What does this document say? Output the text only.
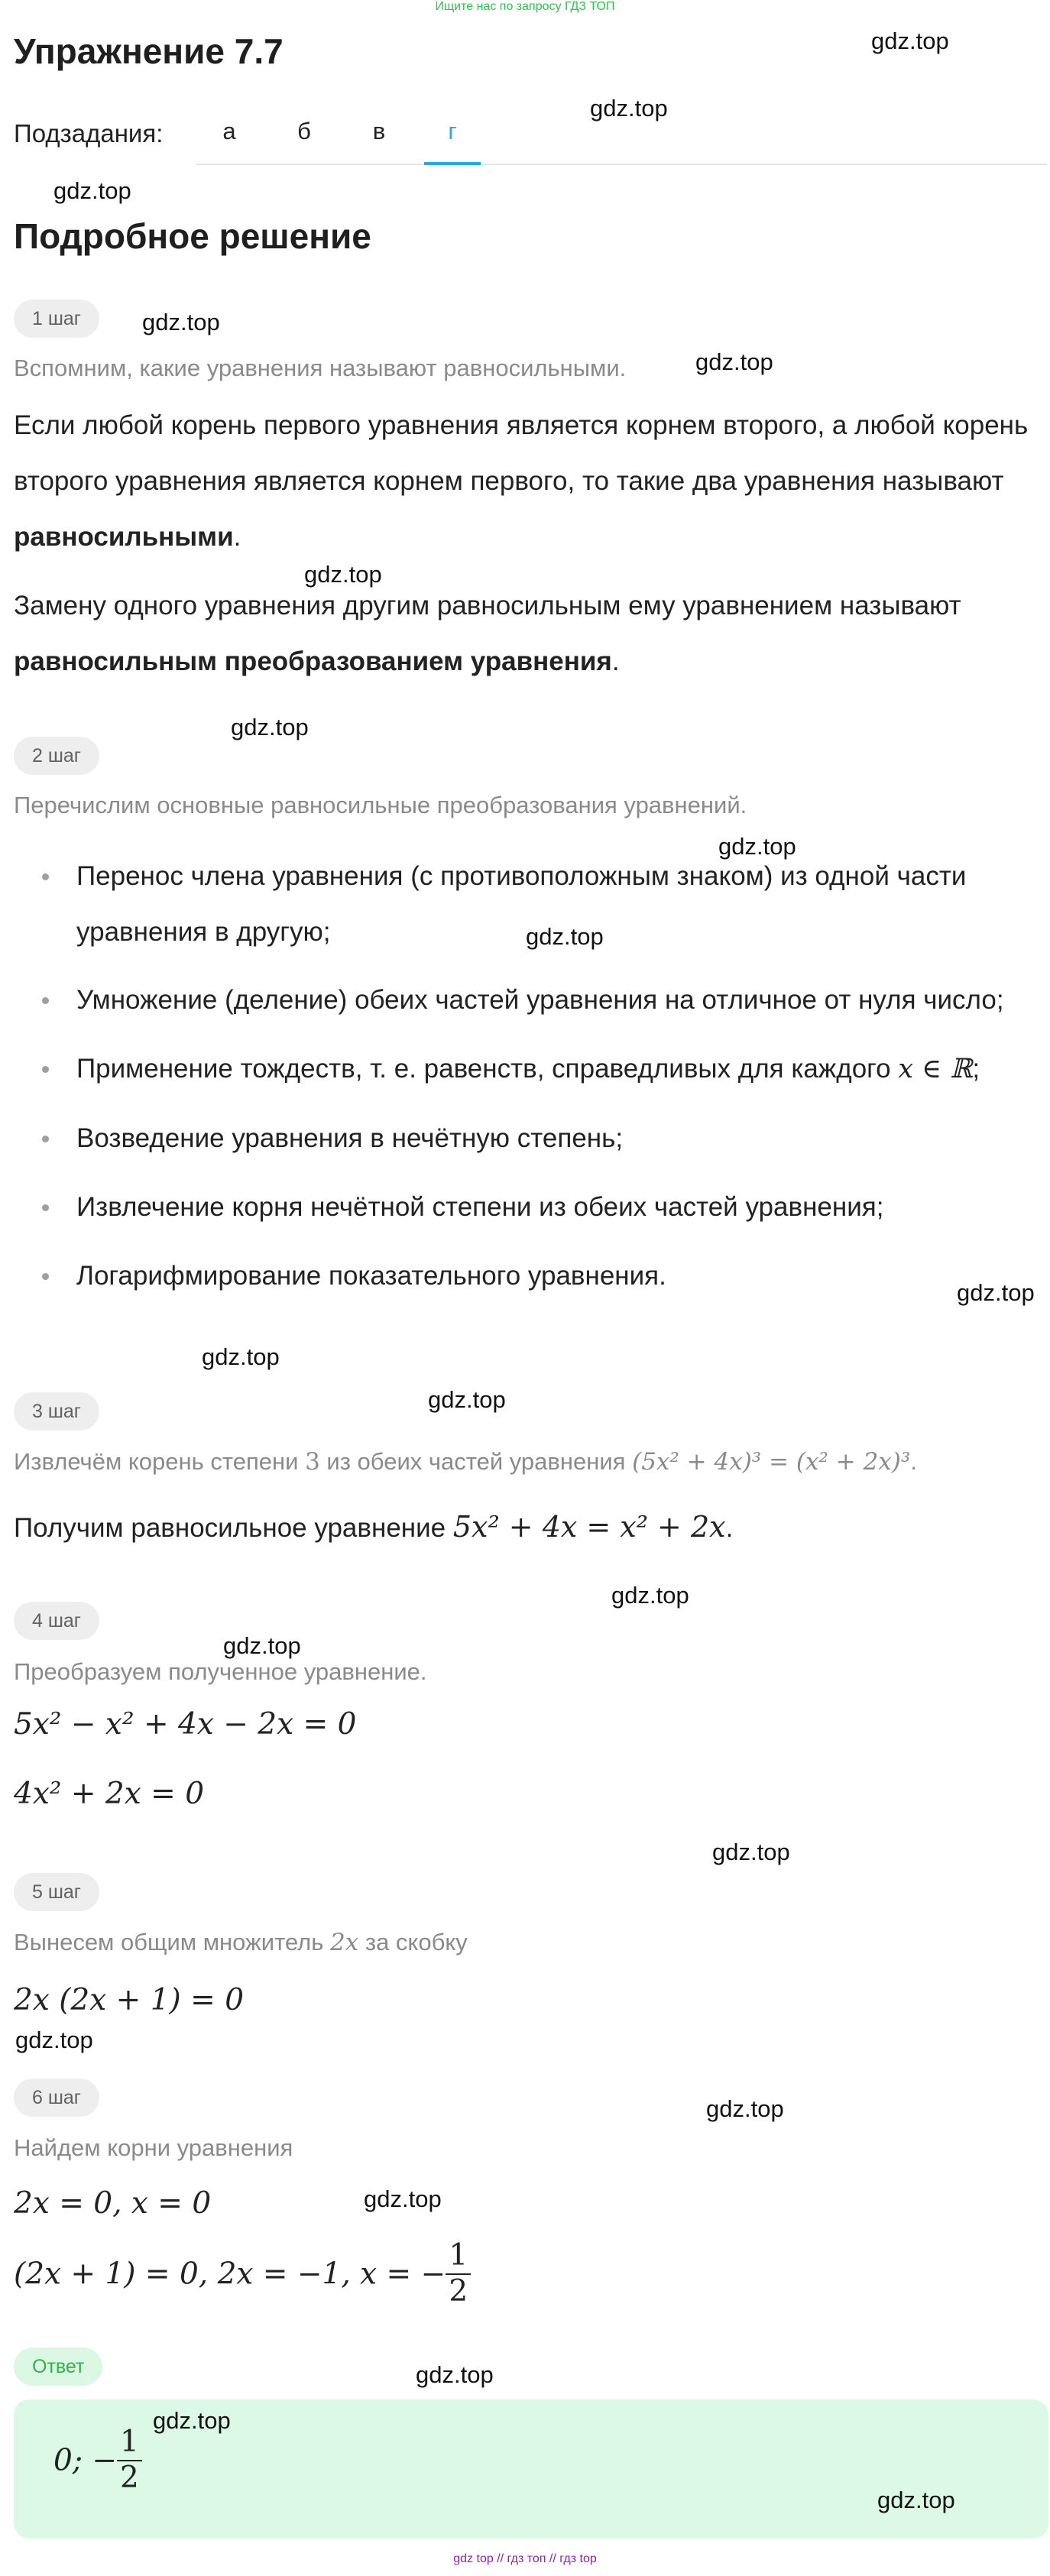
Ищите нас по запросу ГДЗ ТОП
Упражнение 7.7
Подзадания:	а	б	в	г
Подробное решение
1 шаг
Вспомним, какие уравнения называют равносильными.
Если любой корень первого уравнения является корнем второго, а любой корень второго уравнения является корнем первого, то такие два уравнения называют равносильными.
Замену одного уравнения другим равносильным ему уравнением называют равносильным преобразованием уравнения.
2 шаг
Перечислим основные равносильные преобразования уравнений.
Перенос члена уравнения (с противоположным знаком) из одной части уравнения в другую;
Умножение (деление) обеих частей уравнения на отличное от нуля число;
Применение тождеств, т. е. равенств, справедливых для каждого x ∈ ℝ;
Возведение уравнения в нечётную степень;
Извлечение корня нечётной степени из обеих частей уравнения;
Логарифмирование показательного уравнения.
3 шаг
Извлечём корень степени 3 из обеих частей уравнения (5x² + 4x)³ = (x² + 2x)³.
Получим равносильное уравнение 5x² + 4x = x² + 2x.
4 шаг
Преобразуем полученное уравнение.
5x² − x² + 4x − 2x = 0
4x² + 2x = 0
5 шаг
Вынесем общим множитель 2x за скобку
2x (2x + 1) = 0
6 шаг
Найдем корни уравнения
2x = 0, x = 0
(2x + 1) = 0, 2x = −1, x = − $\frac{1}{2}$
Ответ
0; − $\frac{1}{2}$
gdz.top
gdz.top
gdz.top
gdz.top
gdz.top
gdz.top
gdz.top
gdz.top
gdz.top
gdz.top
gdz.top
gdz.top
gdz.top
gdz.top
gdz.top
gdz.top
gdz.top
gdz.top
gdz.top
gdz.top
gdz.top
gdz top // гдз топ // гдз top
